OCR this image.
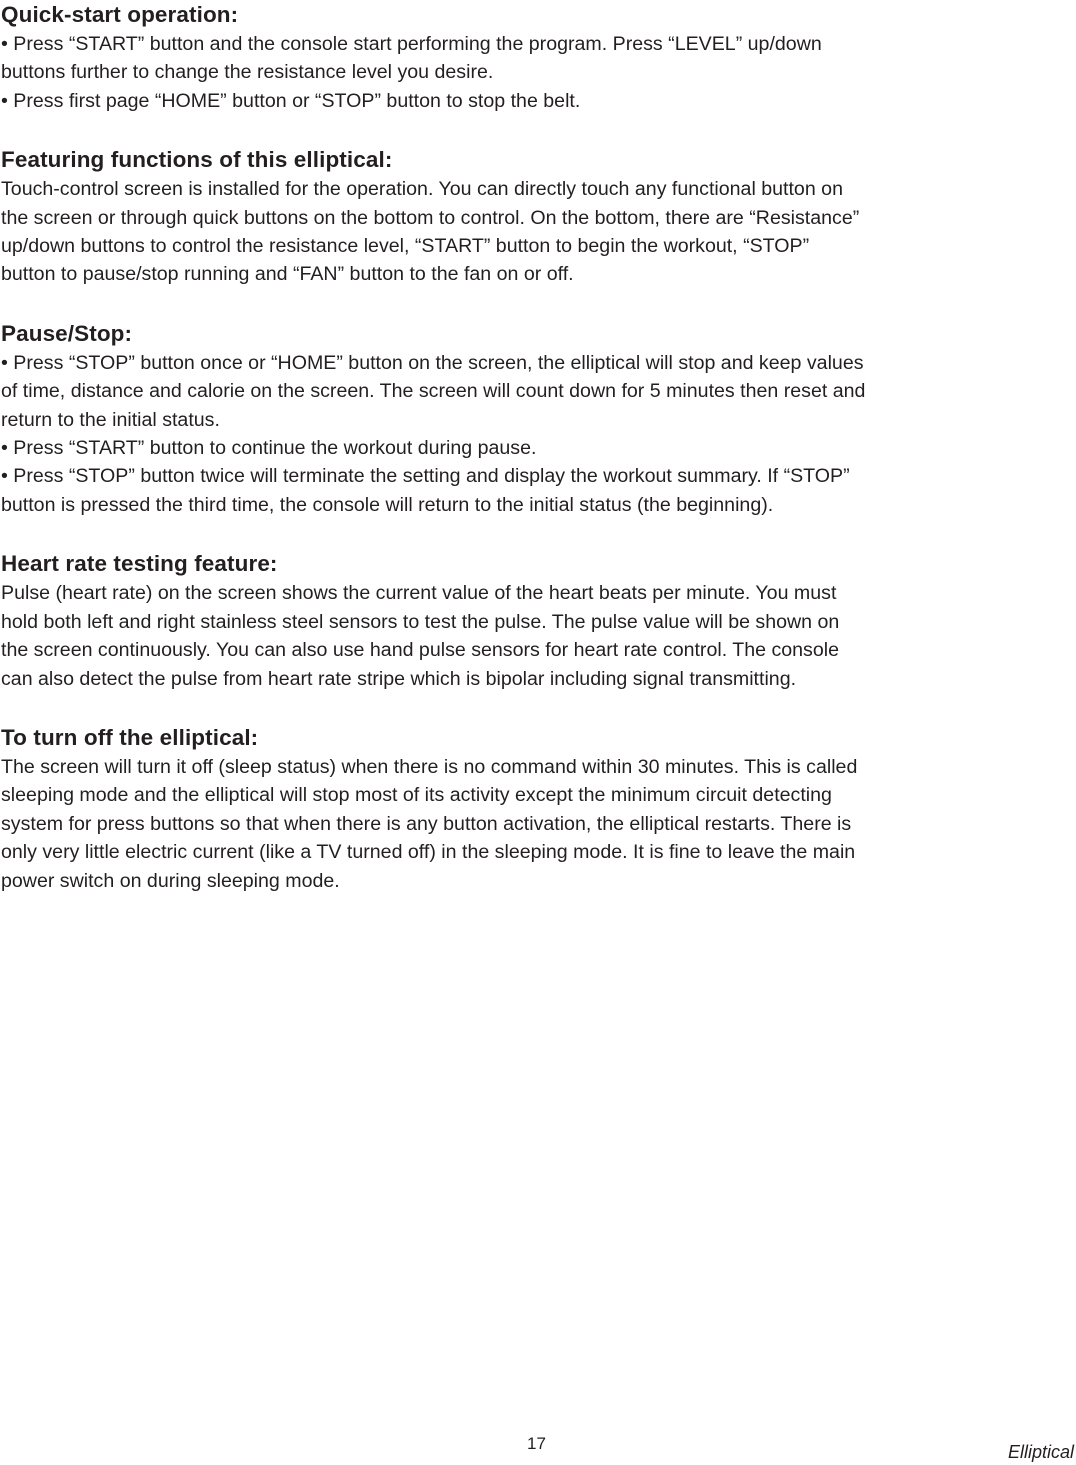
Quick-start operation:

• Press “START” button and the console start performing the program. Press “LEVEL” up/down

buttons further to change the resistance level you desire.

• Press first page “HOME” button or “STOP” button to stop the belt.

Featuring functions of this elliptical:

Touch-control screen is installed for the operation. You can directly touch any functional button on

the screen or through quick buttons on the bottom to control. On the bottom, there are “Resistance”

up/down buttons to control the resistance level, “START” button to begin the workout, “STOP”

button to pause/stop running and “FAN” button to the fan on or off.

Pause/Stop:

• Press “STOP” button once or “HOME” button on the screen, the elliptical will stop and keep values

of time, distance and calorie on the screen. The screen will count down for 5 minutes then reset and

return to the initial status.

• Press “START” button to continue the workout during pause.

• Press “STOP” button twice will terminate the setting and display the workout summary. If “STOP”

button is pressed the third time, the console will return to the initial status (the beginning).

Heart rate testing feature:

Pulse (heart rate) on the screen shows the current value of the heart beats per minute. You must

hold both left and right stainless steel sensors to test the pulse. The pulse value will be shown on

the screen continuously. You can also use hand pulse sensors for heart rate control. The console

can also detect the pulse from heart rate stripe which is bipolar including signal transmitting.

To turn off the elliptical:

The screen will turn it off (sleep status) when there is no command within 30 minutes. This is called

sleeping mode and the elliptical will stop most of its activity except the minimum circuit detecting

system for press buttons so that when there is any button activation, the elliptical restarts. There is

only very little electric current (like a TV turned off) in the sleeping mode. It is fine to leave the main

power switch on during sleeping mode.

17	Elliptical
